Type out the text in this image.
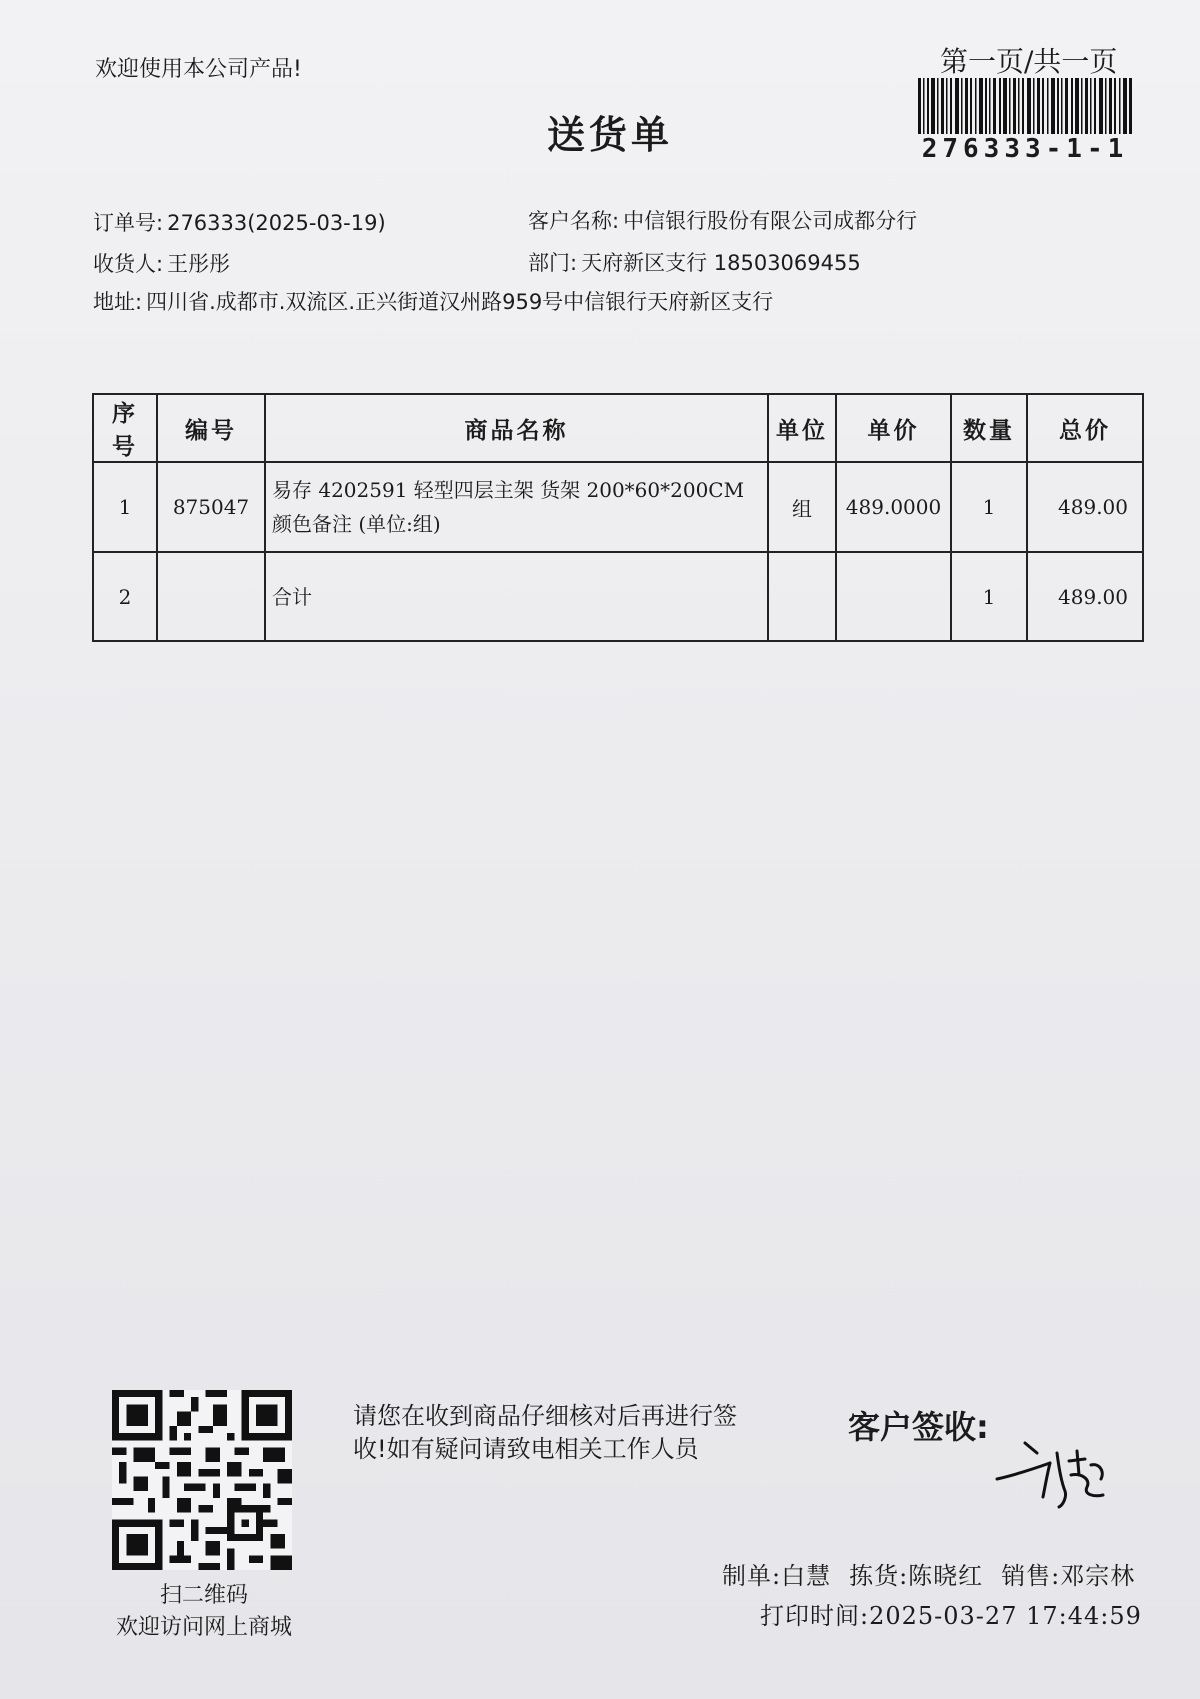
欢迎使用本公司产品!	第一页/共一页
276333-1-1
送货单
订单号: 276333(2025-03-19)	客户名称: 中信银行股份有限公司成都分行
收货人: 王彤彤	部门: 天府新区支行 18503069455
地址: 四川省.成都市.双流区.正兴街道汉州路959号中信银行天府新区支行
序号	编号	商品名称	单位	单价	数量	总价
1	875047	易存 4202591 轻型四层主架 货架 200*60*200CM
颜色备注 (单位:组)	组	489.0000	1	489.00
2		合计			1	489.00
扫二维码
欢迎访问网上商城
请您在收到商品仔细核对后再进行签
收!如有疑问请致电相关工作人员
客户签收:
制单:白慧 拣货:陈晓红 销售:邓宗林
打印时间:2025-03-27 17:44:59
